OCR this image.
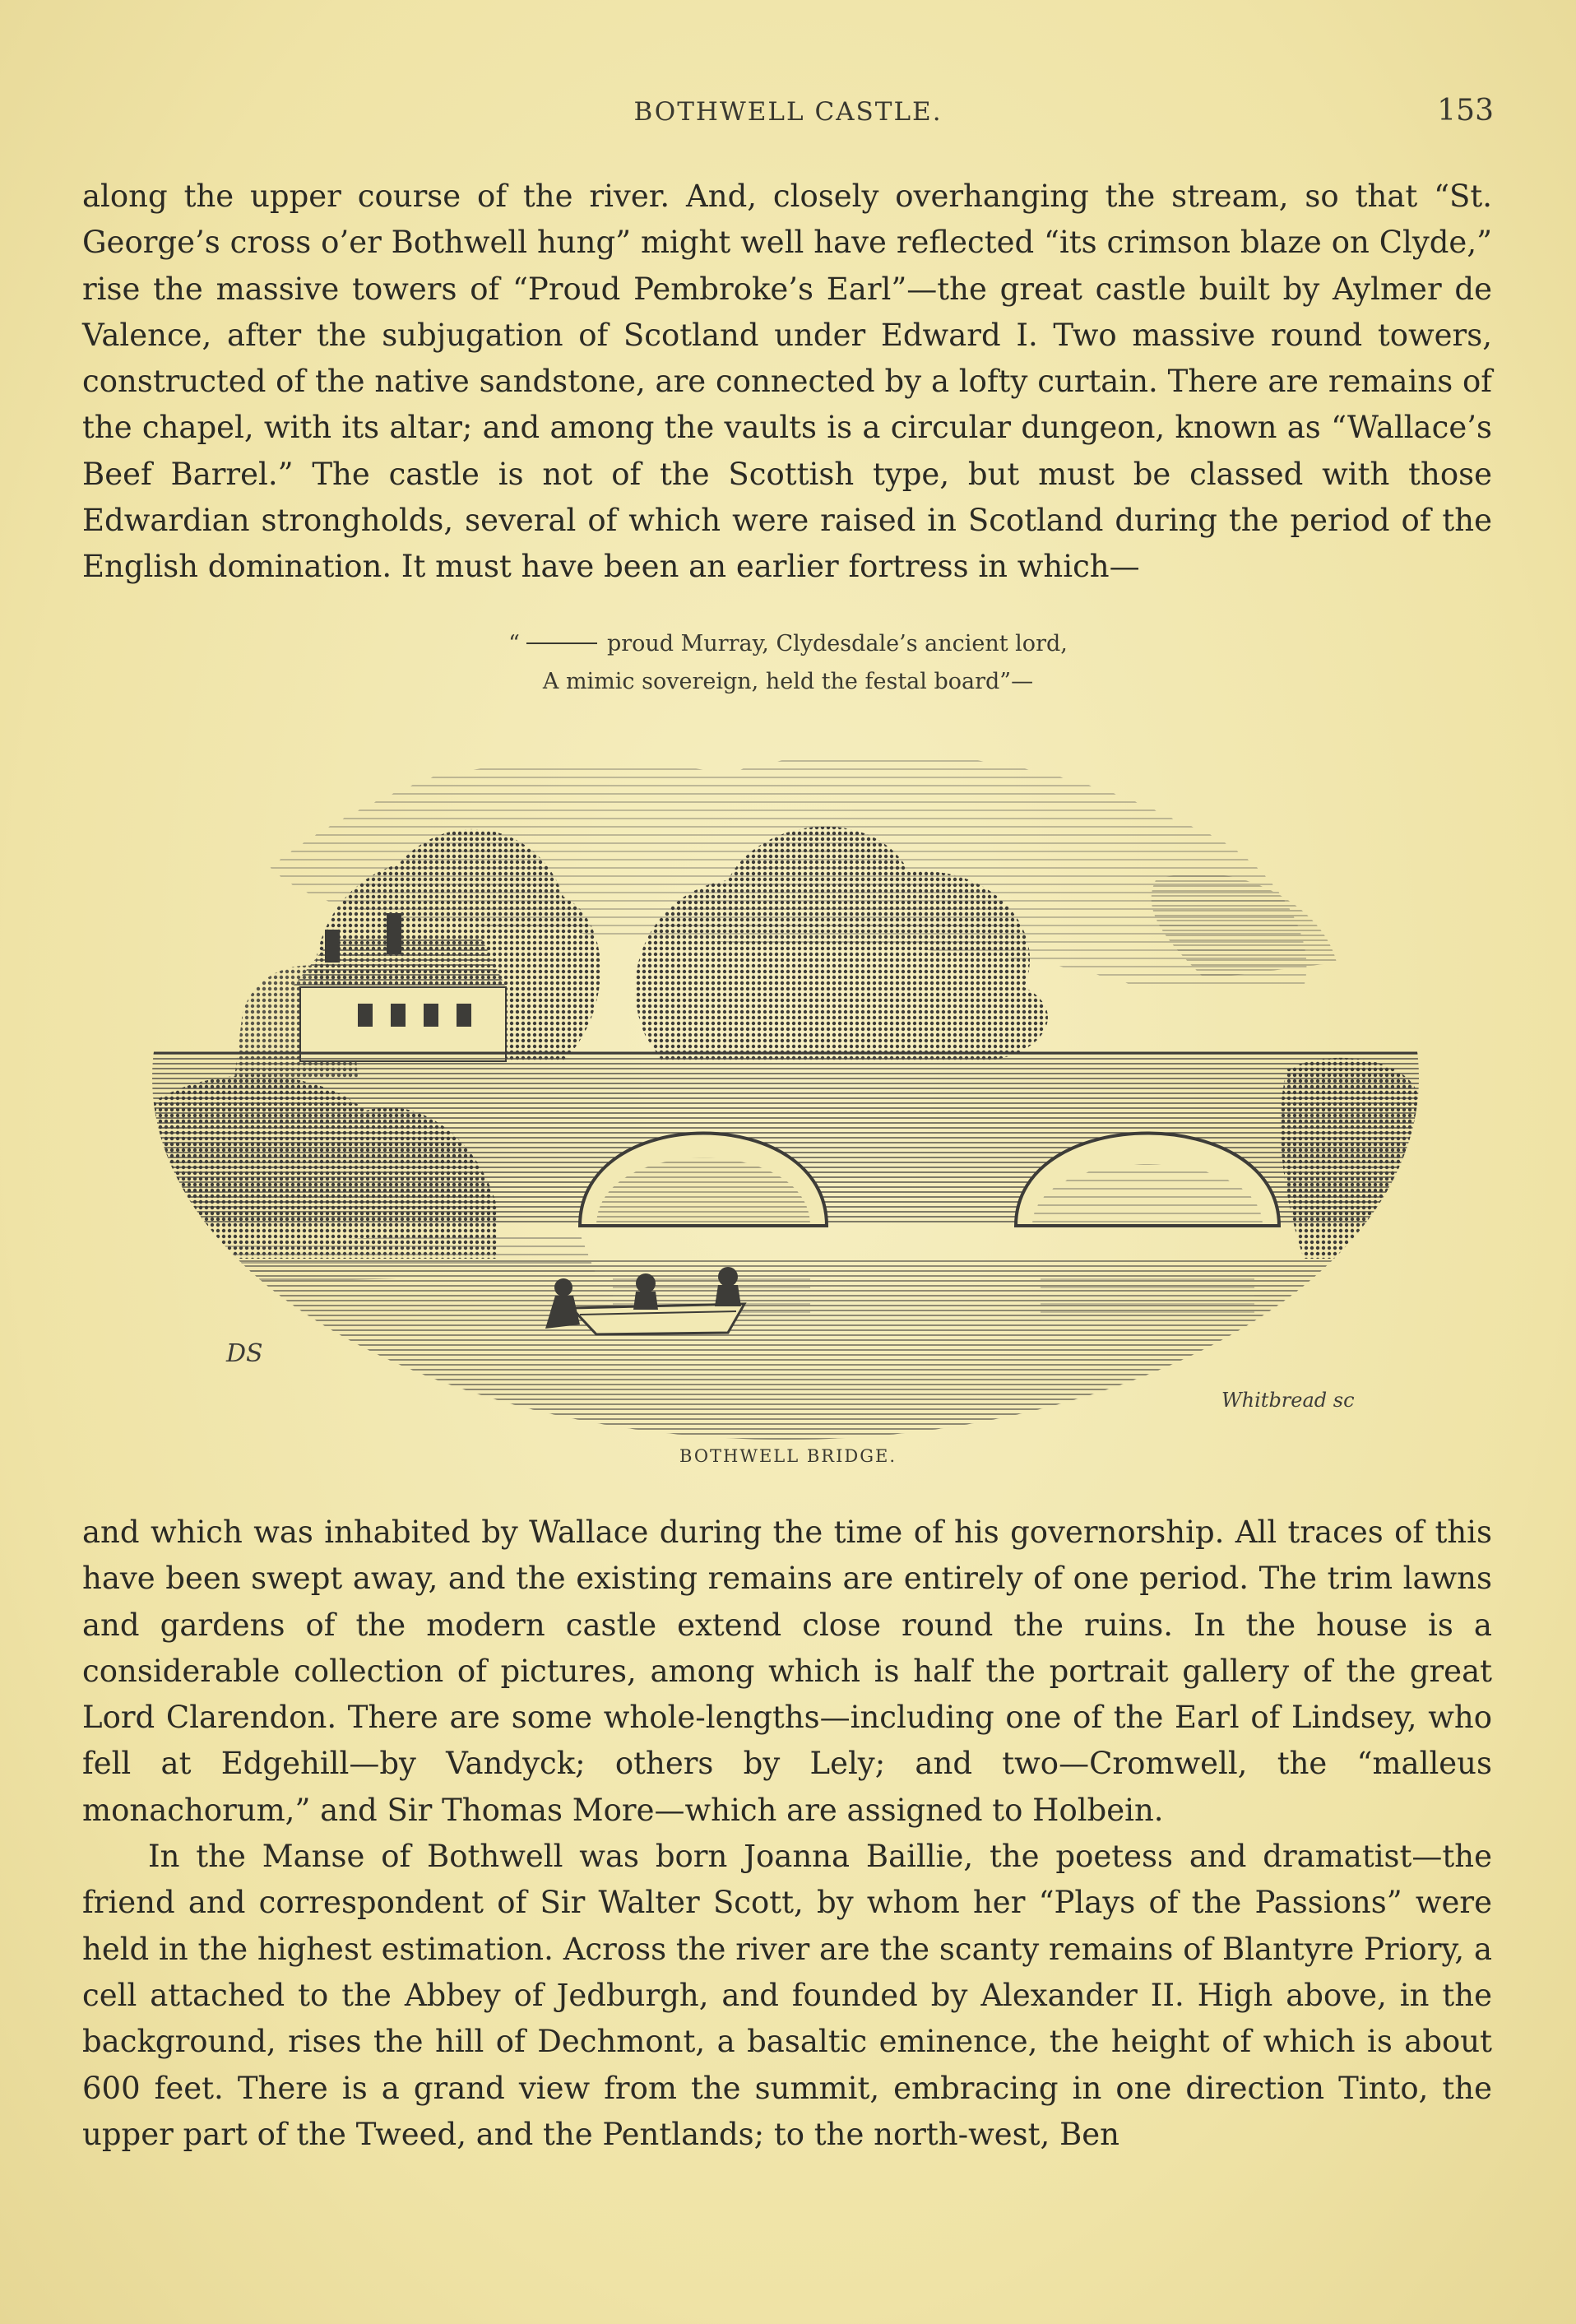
BOTHWELL CASTLE.	153

along the upper course of the river. And, closely overhanging the stream, so that “St. George’s cross o’er Bothwell hung” might well have reflected “its crimson blaze on Clyde,” rise the massive towers of “Proud Pembroke’s Earl”—the great castle built by Aylmer de Valence, after the subjugation of Scotland under Edward I. Two massive round towers, constructed of the native sandstone, are connected by a lofty curtain. There are remains of the chapel, with its altar; and among the vaults is a circular dungeon, known as “Wallace’s Beef Barrel.” The castle is not of the Scottish type, but must be classed with those Edwardian strongholds, several of which were raised in Scotland during the period of the English domination. It must have been an earlier fortress in which—

“	proud Murray, Clydesdale’s ancient lord,
A mimic sovereign, held the festal board”—
DS
Whitbread sc
BOTHWELL BRIDGE.

and which was inhabited by Wallace during the time of his governorship. All traces of this have been swept away, and the existing remains are entirely of one period. The trim lawns and gardens of the modern castle extend close round the ruins. In the house is a considerable collection of pictures, among which is half the portrait gallery of the great Lord Clarendon. There are some whole-lengths—including one of the Earl of Lindsey, who fell at Edgehill—by Vandyck; others by Lely; and two—Cromwell, the “malleus monachorum,” and Sir Thomas More—which are assigned to Holbein.

In the Manse of Bothwell was born Joanna Baillie, the poetess and dramatist—the friend and correspondent of Sir Walter Scott, by whom her “Plays of the Passions” were held in the highest estimation. Across the river are the scanty remains of Blantyre Priory, a cell attached to the Abbey of Jedburgh, and founded by Alexander II. High above, in the background, rises the hill of Dechmont, a basaltic eminence, the height of which is about 600 feet. There is a grand view from the summit, embracing in one direction Tinto, the upper part of the Tweed, and the Pentlands; to the north-west, Ben
